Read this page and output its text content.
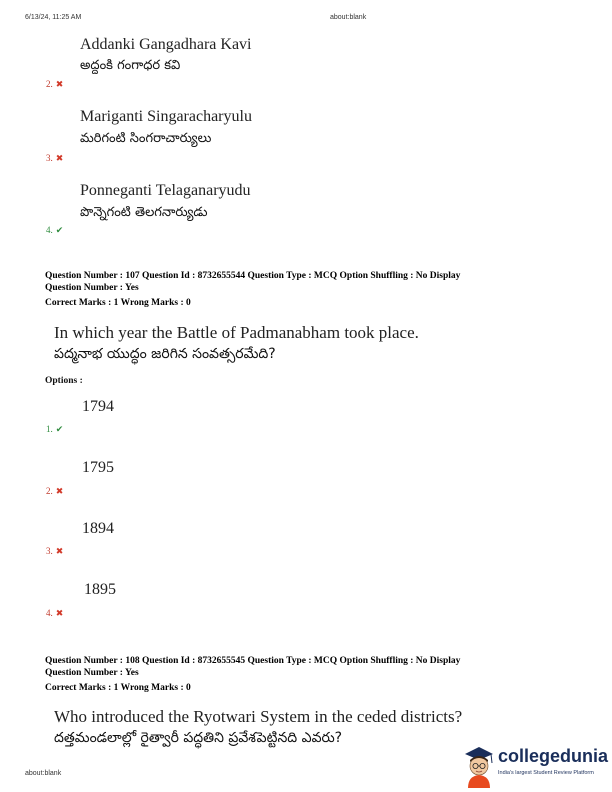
6/13/24, 11:25 AM	about:blank
Addanki Gangadhara Kavi
అద్దంకి గంగాధర కవి
2. ✖
Mariganti Singaracharyulu
మరిగంటి సింగరాచార్యులు
3. ✖
Ponneganti Telaganaryudu
పొన్నెగంటి తెలగనార్యుడు
4. ✔
Question Number : 107 Question Id : 8732655544 Question Type : MCQ Option Shuffling : No Display
Question Number : Yes
Correct Marks : 1 Wrong Marks : 0
In which year the Battle of Padmanabham took place.
పద్మనాభ యుద్ధం జరిగిన సంవత్సరమేది?
Options :
1794
1. ✔
1795
2. ✖
1894
3. ✖
1895
4. ✖
Question Number : 108 Question Id : 8732655545 Question Type : MCQ Option Shuffling : No Display
Question Number : Yes
Correct Marks : 1 Wrong Marks : 0
Who introduced the Ryotwari System in the ceded districts?
దత్తమండలాల్లో రైత్వారీ పద్ధతిని ప్రవేశపెట్టినది ఎవరు?
about:blank
collegedunia
India's largest Student Review Platform
